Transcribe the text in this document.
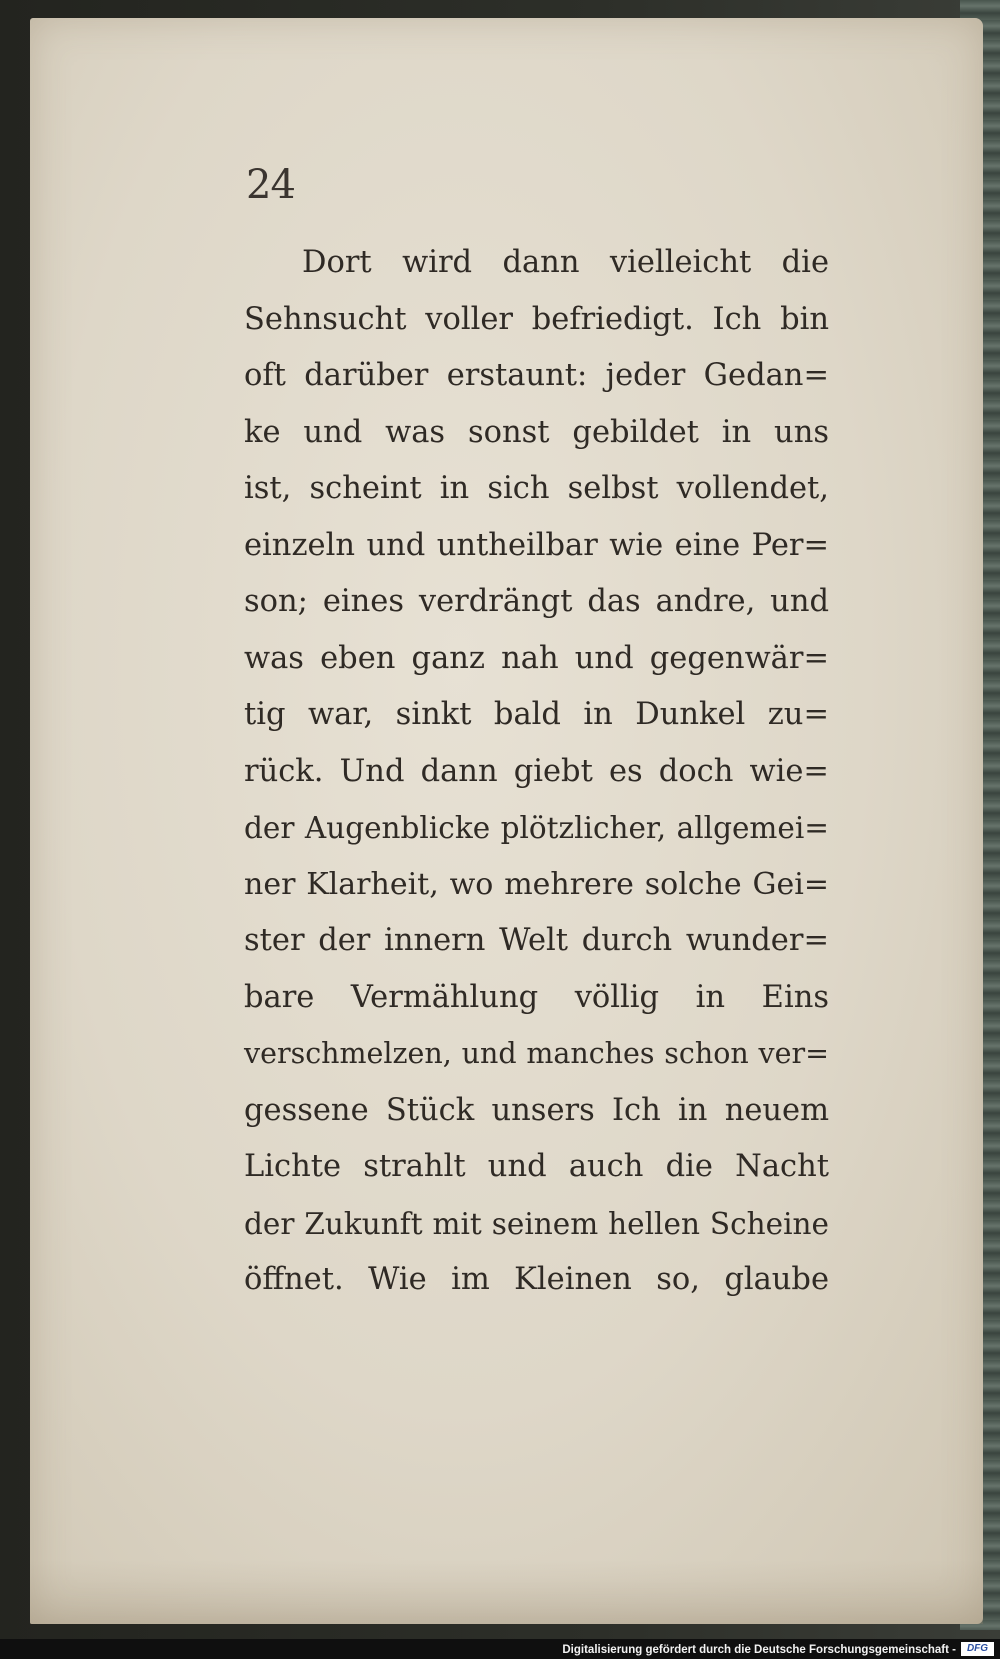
24
Dort wird dann vielleicht die
Sehnsucht voller befriedigt. Ich bin
oft darüber erstaunt: jeder Gedan=
ke und was sonst gebildet in uns
ist, scheint in sich selbst vollendet,
einzeln und untheilbar wie eine Per=
son; eines verdrängt das andre, und
was eben ganz nah und gegenwär=
tig war, sinkt bald in Dunkel zu=
rück. Und dann giebt es doch wie=
der Augenblicke plötzlicher, allgemei=
ner Klarheit, wo mehrere solche Gei=
ster der innern Welt durch wunder=
bare Vermählung völlig in Eins
verschmelzen, und manches schon ver=
gessene Stück unsers Ich in neuem
Lichte strahlt und auch die Nacht
der Zukunft mit seinem hellen Scheine
öffnet. Wie im Kleinen so, glaube
Digitalisierung gefördert durch die Deutsche Forschungsgemeinschaft -	DFG
